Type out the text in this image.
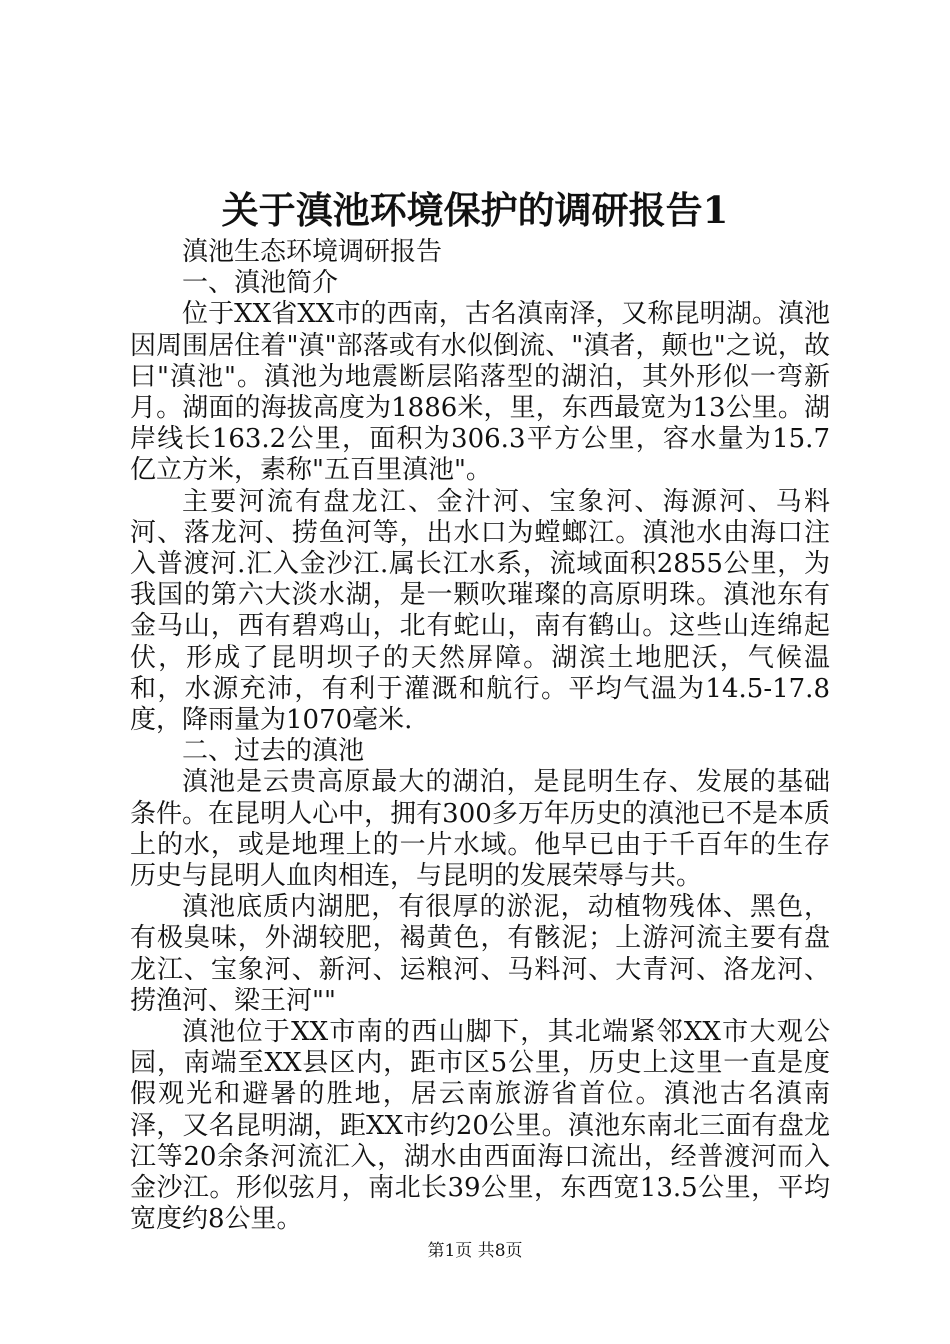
关于滇池环境保护的调研报告1

滇池生态环境调研报告

一、滇池简介

位于XX省XX市的西南，古名滇南泽，又称昆明湖。滇池因周围居住着"滇"部落或有水似倒流、"滇者，颠也"之说，故曰"滇池"。滇池为地震断层陷落型的湖泊，其外形似一弯新月。湖面的海拔高度为1886米，里，东西最宽为13公里。湖岸线长163.2公里，面积为306.3平方公里，容水量为15.7亿立方米，素称"五百里滇池"。

主要河流有盘龙江、金汁河、宝象河、海源河、马料河、落龙河、捞鱼河等，出水口为螳螂江。滇池水由海口注入普渡河.汇入金沙江.属长江水系，流域面积2855公里，为我国的第六大淡水湖，是一颗吹璀璨的高原明珠。滇池东有金马山，西有碧鸡山，北有蛇山，南有鹤山。这些山连绵起伏，形成了昆明坝子的天然屏障。湖滨土地肥沃，气候温和，水源充沛，有利于灌溉和航行。平均气温为14.5-17.8度，降雨量为1070毫米.

二、过去的滇池

滇池是云贵高原最大的湖泊，是昆明生存、发展的基础条件。在昆明人心中，拥有300多万年历史的滇池已不是本质上的水，或是地理上的一片水域。他早已由于千百年的生存历史与昆明人血肉相连，与昆明的发展荣辱与共。

滇池底质内湖肥，有很厚的淤泥，动植物残体、黑色，有极臭味，外湖较肥，褐黄色，有骸泥；上游河流主要有盘龙江、宝象河、新河、运粮河、马料河、大青河、洛龙河、捞渔河、梁王河""

滇池位于XX市南的西山脚下，其北端紧邻XX市大观公园，南端至XX县区内，距市区5公里，历史上这里一直是度假观光和避暑的胜地，居云南旅游省首位。滇池古名滇南泽，又名昆明湖，距XX市约20公里。滇池东南北三面有盘龙江等20余条河流汇入，湖水由西面海口流出，经普渡河而入金沙江。形似弦月，南北长39公里，东西宽13.5公里，平均宽度约8公里。

第1页 共8页
